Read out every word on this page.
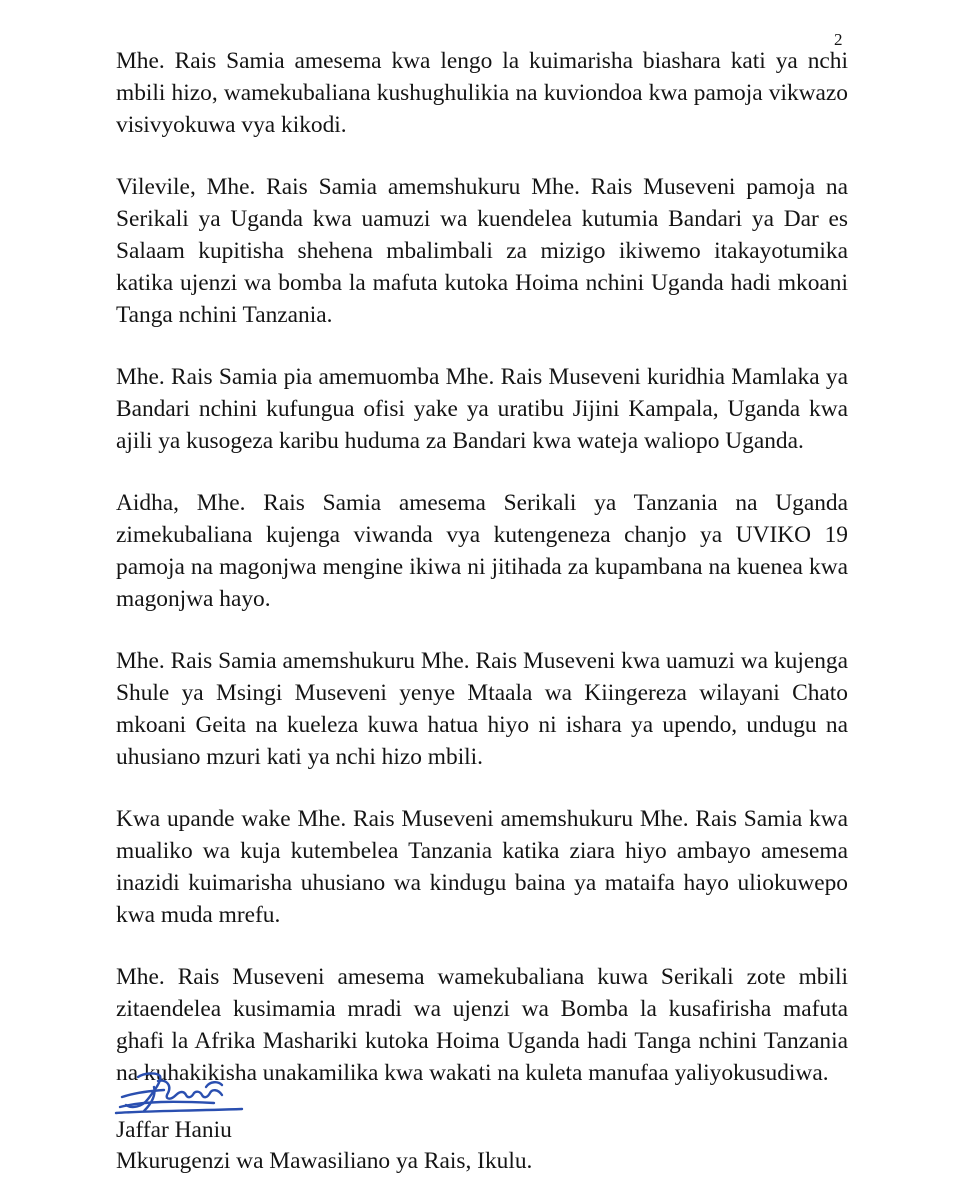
2

Mhe. Rais Samia amesema kwa lengo la kuimarisha biashara kati ya nchi mbili hizo, wamekubaliana kushughulikia na kuviondoa kwa pamoja vikwazo visivyokuwa vya kikodi.

Vilevile, Mhe. Rais Samia amemshukuru Mhe. Rais Museveni pamoja na Serikali ya Uganda kwa uamuzi wa kuendelea kutumia Bandari ya Dar es Salaam kupitisha shehena mbalimbali za mizigo ikiwemo itakayotumika katika ujenzi wa bomba la mafuta kutoka Hoima nchini Uganda hadi mkoani Tanga nchini Tanzania.

Mhe. Rais Samia pia amemuomba Mhe. Rais Museveni kuridhia Mamlaka ya Bandari nchini kufungua ofisi yake ya uratibu Jijini Kampala, Uganda kwa ajili ya kusogeza karibu huduma za Bandari kwa wateja waliopo Uganda.

Aidha, Mhe. Rais Samia amesema Serikali ya Tanzania na Uganda zimekubaliana kujenga viwanda vya kutengeneza chanjo ya UVIKO 19 pamoja na magonjwa mengine ikiwa ni jitihada za kupambana na kuenea kwa magonjwa hayo.

Mhe. Rais Samia amemshukuru Mhe. Rais Museveni kwa uamuzi wa kujenga Shule ya Msingi Museveni yenye Mtaala wa Kiingereza wilayani Chato mkoani Geita na kueleza kuwa hatua hiyo ni ishara ya upendo, undugu na uhusiano mzuri kati ya nchi hizo mbili.

Kwa upande wake Mhe. Rais Museveni amemshukuru Mhe. Rais Samia kwa mualiko wa kuja kutembelea Tanzania katika ziara hiyo ambayo amesema inazidi kuimarisha uhusiano wa kindugu baina ya mataifa hayo uliokuwepo kwa muda mrefu.

Mhe. Rais Museveni amesema wamekubaliana kuwa Serikali zote mbili zitaendelea kusimamia mradi wa ujenzi wa Bomba la kusafirisha mafuta ghafi la Afrika Mashariki kutoka Hoima Uganda hadi Tanga nchini Tanzania na kuhakikisha unakamilika kwa wakati na kuleta manufaa yaliyokusudiwa.

Jaffar Haniu
Mkurugenzi wa Mawasiliano ya Rais, Ikulu.
